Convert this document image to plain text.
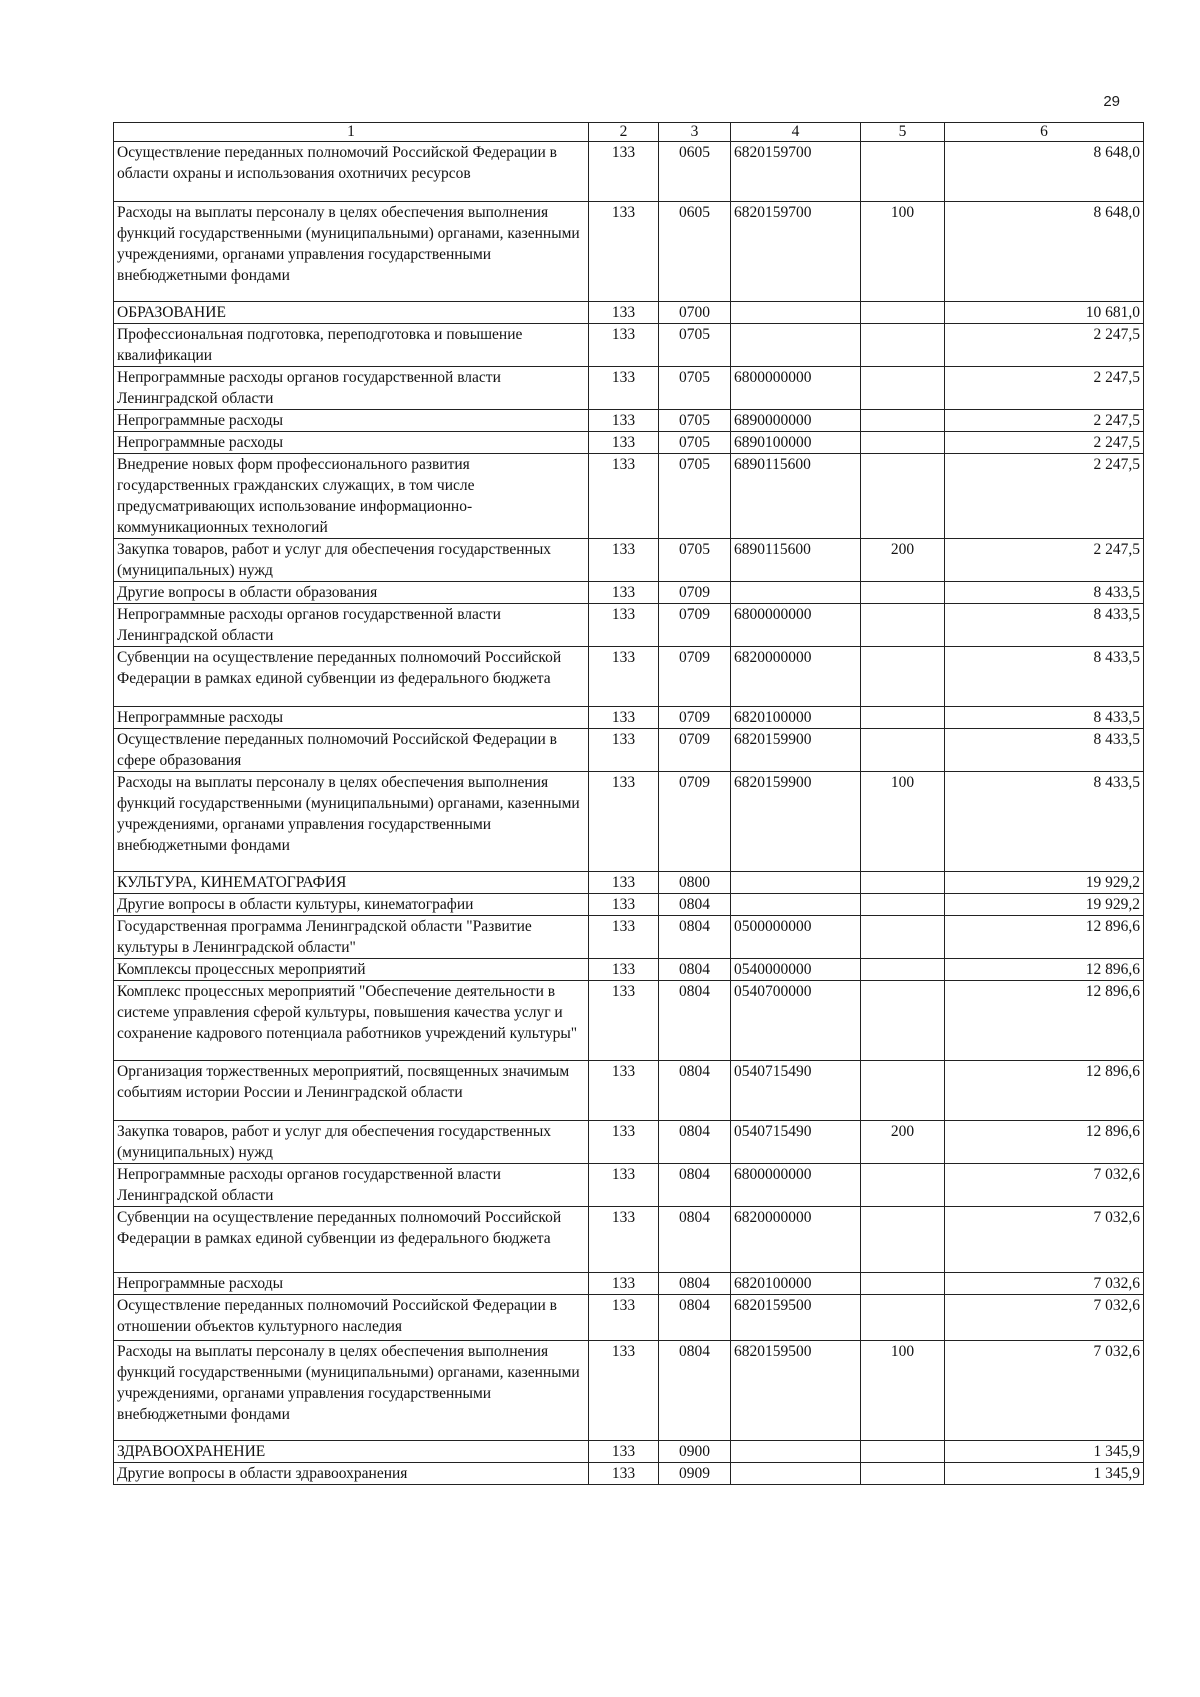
29
1	2	3	4	5	6
Осуществление переданных полномочий Российской Федерации в области охраны и использования охотничих ресурсов	133	0605	6820159700		8 648,0
Расходы на выплаты персоналу в целях обеспечения выполнения функций государственными (муниципальными) органами, казенными учреждениями, органами управления государственными внебюджетными фондами	133	0605	6820159700	100	8 648,0
ОБРАЗОВАНИЕ	133	0700			10 681,0
Профессиональная подготовка, переподготовка и повышение квалификации	133	0705			2 247,5
Непрограммные расходы органов государственной власти Ленинградской области	133	0705	6800000000		2 247,5
Непрограммные расходы	133	0705	6890000000		2 247,5
Непрограммные расходы	133	0705	6890100000		2 247,5
Внедрение новых форм профессионального развития государственных гражданских служащих, в том числе предусматривающих использование информационно-коммуникационных технологий	133	0705	6890115600		2 247,5
Закупка товаров, работ и услуг для обеспечения государственных (муниципальных) нужд	133	0705	6890115600	200	2 247,5
Другие вопросы в области образования	133	0709			8 433,5
Непрограммные расходы органов государственной власти Ленинградской области	133	0709	6800000000		8 433,5
Субвенции на осуществление переданных полномочий Российской Федерации в рамках единой субвенции из федерального бюджета	133	0709	6820000000		8 433,5
Непрограммные расходы	133	0709	6820100000		8 433,5
Осуществление переданных полномочий Российской Федерации в сфере образования	133	0709	6820159900		8 433,5
Расходы на выплаты персоналу в целях обеспечения выполнения функций государственными (муниципальными) органами, казенными учреждениями, органами управления государственными внебюджетными фондами	133	0709	6820159900	100	8 433,5
КУЛЬТУРА, КИНЕМАТОГРАФИЯ	133	0800			19 929,2
Другие вопросы в области культуры, кинематографии	133	0804			19 929,2
Государственная программа Ленинградской области "Развитие культуры в Ленинградской области"	133	0804	0500000000		12 896,6
Комплексы процессных мероприятий	133	0804	0540000000		12 896,6
Комплекс процессных мероприятий "Обеспечение деятельности в системе управления сферой культуры, повышения качества услуг и сохранение кадрового потенциала работников учреждений культуры"	133	0804	0540700000		12 896,6
Организация торжественных мероприятий, посвященных значимым событиям истории России и Ленинградской области	133	0804	0540715490		12 896,6
Закупка товаров, работ и услуг для обеспечения государственных (муниципальных) нужд	133	0804	0540715490	200	12 896,6
Непрограммные расходы органов государственной власти Ленинградской области	133	0804	6800000000		7 032,6
Субвенции на осуществление переданных полномочий Российской Федерации в рамках единой субвенции из федерального бюджета	133	0804	6820000000		7 032,6
Непрограммные расходы	133	0804	6820100000		7 032,6
Осуществление переданных полномочий Российской Федерации в отношении объектов культурного наследия	133	0804	6820159500		7 032,6
Расходы на выплаты персоналу в целях обеспечения выполнения функций государственными (муниципальными) органами, казенными учреждениями, органами управления государственными внебюджетными фондами	133	0804	6820159500	100	7 032,6
ЗДРАВООХРАНЕНИЕ	133	0900			1 345,9
Другие вопросы в области здравоохранения	133	0909			1 345,9
